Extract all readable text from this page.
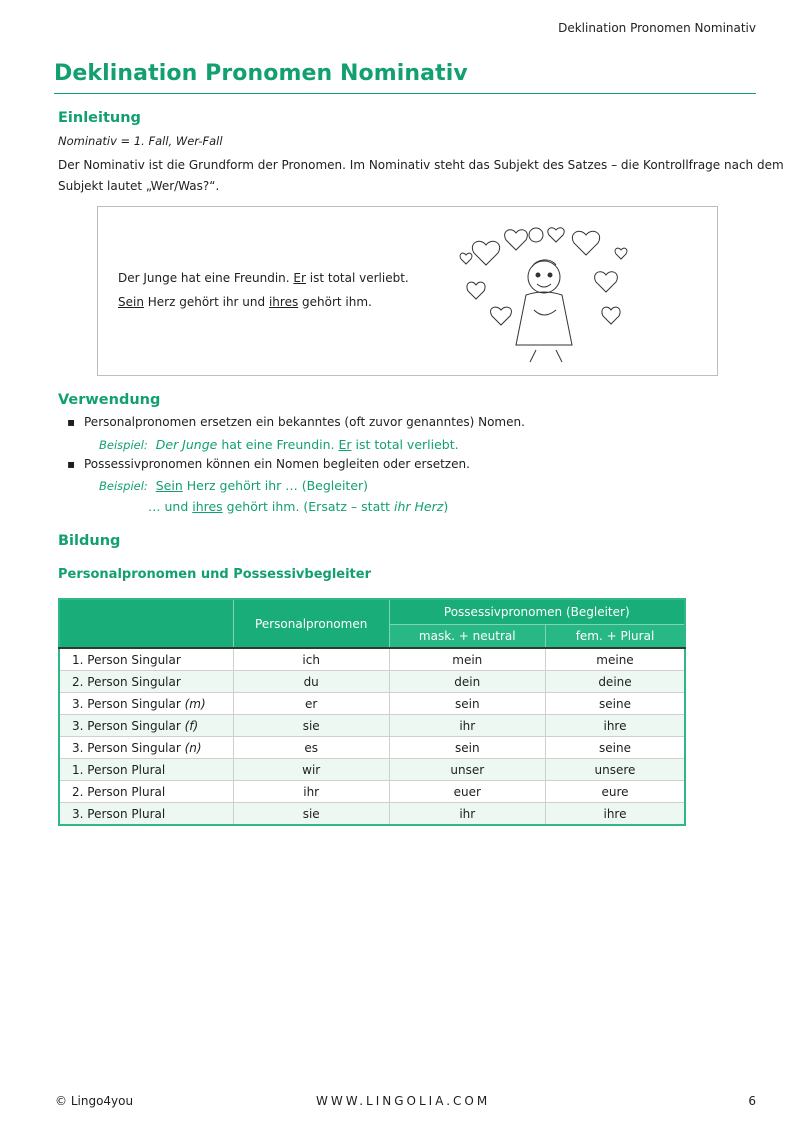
Deklination Pronomen Nominativ
Deklination Pronomen Nominativ
Einleitung
Nominativ = 1. Fall, Wer-Fall
Der Nominativ ist die Grundform der Pronomen. Im Nominativ steht das Subjekt des Satzes – die Kontrollfrage nach dem
Subjekt lautet „Wer/Was?“.
Der Junge hat eine Freundin. Er ist total verliebt.
Sein Herz gehört ihr und ihres gehört ihm.
Verwendung
▪ Personalpronomen ersetzen ein bekanntes (oft zuvor genanntes) Nomen.
Beispiel: Der Junge hat eine Freundin. Er ist total verliebt.
▪ Possessivpronomen können ein Nomen begleiten oder ersetzen.
Beispiel: Sein Herz gehört ihr … (Begleiter)
… und ihres gehört ihm. (Ersatz – statt ihr Herz)
Bildung
Personalpronomen und Possessivbegleiter
	Personalpronomen	Possessivpronomen (Begleiter)	
		mask. + neutral	fem. + Plural
1. Person Singular	ich	mein	meine
2. Person Singular	du	dein	deine
3. Person Singular (m)	er	sein	seine
3. Person Singular (f)	sie	ihr	ihre
3. Person Singular (n)	es	sein	seine
1. Person Plural	wir	unser	unsere
2. Person Plural	ihr	euer	eure
3. Person Plural	sie	ihr	ihre
© Lingo4you	WWW.LINGOLIA.COM	6
